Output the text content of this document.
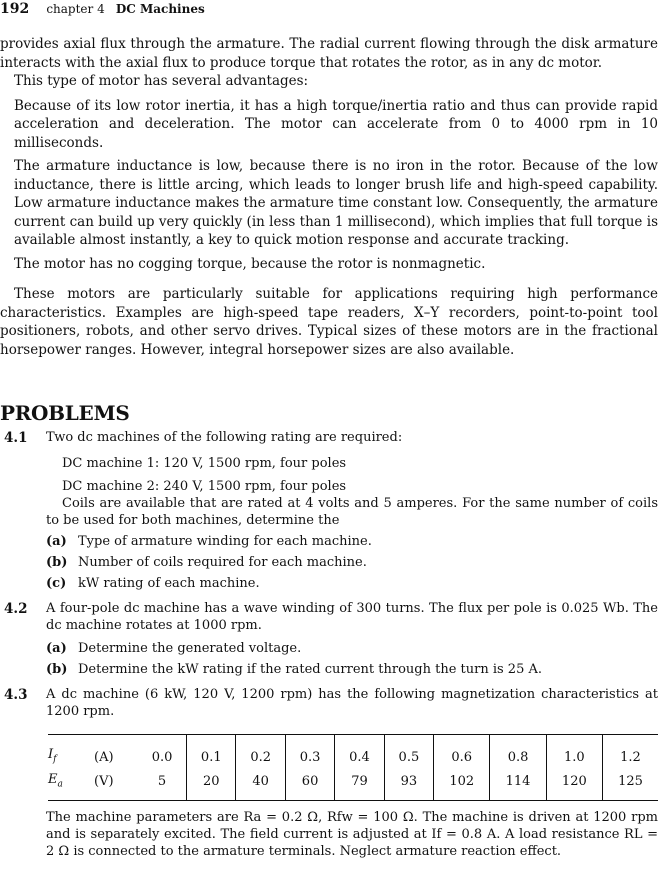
192 chapter 4 DC Machines

provides axial flux through the armature. The radial current flowing through the disk armature interacts with the axial flux to produce torque that rotates the rotor, as in any dc motor.

This type of motor has several advantages:

Because of its low rotor inertia, it has a high torque/inertia ratio and thus can provide rapid acceleration and deceleration. The motor can accelerate from 0 to 4000 rpm in 10 milliseconds.

The armature inductance is low, because there is no iron in the rotor. Because of the low inductance, there is little arcing, which leads to longer brush life and high-speed capability. Low armature inductance makes the armature time constant low. Consequently, the armature current can build up very quickly (in less than 1 millisecond), which implies that full torque is available almost instantly, a key to quick motion response and accurate tracking.

The motor has no cogging torque, because the rotor is nonmagnetic.

These motors are particularly suitable for applications requiring high performance characteristics. Examples are high-speed tape readers, X–Y recorders, point-to-point tool positioners, robots, and other servo drives. Typical sizes of these motors are in the fractional horsepower ranges. However, integral horsepower sizes are also available.

PROBLEMS
4.1 Two dc machines of the following rating are required:

DC machine 1: 120 V, 1500 rpm, four poles

DC machine 2: 240 V, 1500 rpm, four poles

Coils are available that are rated at 4 volts and 5 amperes. For the same number of coils to be used for both machines, determine the

(a) Type of armature winding for each machine.

(b) Number of coils required for each machine.

(c) kW rating of each machine.

4.2 A four-pole dc machine has a wave winding of 300 turns. The flux per pole is 0.025 Wb. The dc machine rotates at 1000 rpm.

(a) Determine the generated voltage.

(b) Determine the kW rating if the rated current through the turn is 25 A.

4.3 A dc machine (6 kW, 120 V, 1200 rpm) has the following magnetization characteristics at 1200 rpm.

$I_f$	(A)	0.0	0.1	0.2	0.3	0.4	0.5	0.6	0.8	1.0	1.2
$E_a$	(V)	5	20	40	60	79	93	102	114	120	125

The machine parameters are Ra = 0.2 Ω, Rfw = 100 Ω. The machine is driven at 1200 rpm and is separately excited. The field current is adjusted at If = 0.8 A. A load resistance RL = 2 Ω is connected to the armature terminals. Neglect armature reaction effect.
